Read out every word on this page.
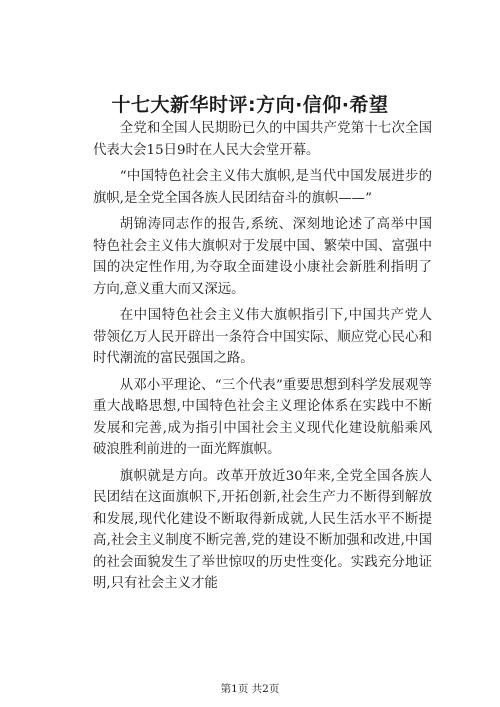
十七大新华时评:方向·信仰·希望

全党和全国人民期盼已久的中国共产党第十七次全国代表大会15日9时在人民大会堂开幕。

“中国特色社会主义伟大旗帜,是当代中国发展进步的旗帜,是全党全国各族人民团结奋斗的旗帜——”

胡锦涛同志作的报告,系统、深刻地论述了高举中国特色社会主义伟大旗帜对于发展中国、繁荣中国、富强中国的决定性作用,为夺取全面建设小康社会新胜利指明了方向,意义重大而又深远。

在中国特色社会主义伟大旗帜指引下,中国共产党人带领亿万人民开辟出一条符合中国实际、顺应党心民心和时代潮流的富民强国之路。

从邓小平理论、“三个代表”重要思想到科学发展观等重大战略思想,中国特色社会主义理论体系在实践中不断发展和完善,成为指引中国社会主义现代化建设航船乘风破浪胜利前进的一面光辉旗帜。

旗帜就是方向。改革开放近30年来,全党全国各族人民团结在这面旗帜下,开拓创新,社会生产力不断得到解放和发展,现代化建设不断取得新成就,人民生活水平不断提高,社会主义制度不断完善,党的建设不断加强和改进,中国的社会面貌发生了举世惊叹的历史性变化。实践充分地证明,只有社会主义才能

第1页 共2页
